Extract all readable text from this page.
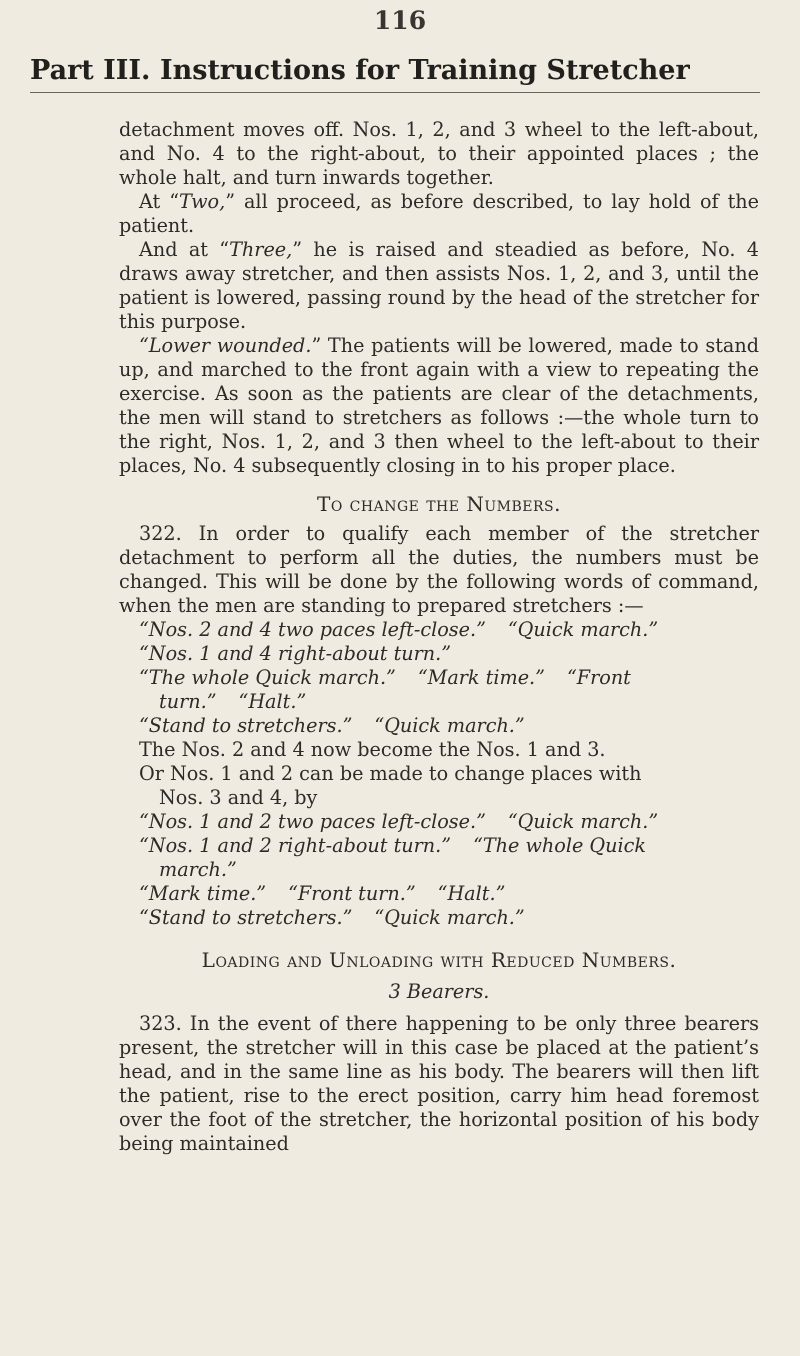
116
Part III. Instructions for Training Stretcher

detachment moves off. Nos. 1, 2, and 3 wheel to the left-about, and No. 4 to the right-about, to their appointed places ; the whole halt, and turn inwards together.

At “Two,” all proceed, as before described, to lay hold of the patient.

And at “Three,” he is raised and steadied as before, No. 4 draws away stretcher, and then assists Nos. 1, 2, and 3, until the patient is lowered, passing round by the head of the stretcher for this purpose.

“Lower wounded.” The patients will be lowered, made to stand up, and marched to the front again with a view to repeating the exercise. As soon as the patients are clear of the detachments, the men will stand to stretchers as follows :—the whole turn to the right, Nos. 1, 2, and 3 then wheel to the left-about to their places, No. 4 subsequently closing in to his proper place.

To change the Numbers.

322. In order to qualify each member of the stretcher detachment to perform all the duties, the numbers must be changed. This will be done by the following words of command, when the men are standing to prepared stretchers :—

“Nos. 2 and 4 two paces left-close.” “Quick march.”

“Nos. 1 and 4 right-about turn.”

“The whole Quick march.” “Mark time.” “Front

turn.” “Halt.”

“Stand to stretchers.” “Quick march.”

The Nos. 2 and 4 now become the Nos. 1 and 3.

Or Nos. 1 and 2 can be made to change places with

Nos. 3 and 4, by

“Nos. 1 and 2 two paces left-close.” “Quick march.”

“Nos. 1 and 2 right-about turn.” “The whole Quick

march.”

“Mark time.” “Front turn.” “Halt.”

“Stand to stretchers.” “Quick march.”

Loading and Unloading with Reduced Numbers.

3 Bearers.

323. In the event of there happening to be only three bearers present, the stretcher will in this case be placed at the patient’s head, and in the same line as his body. The bearers will then lift the patient, rise to the erect position, carry him head foremost over the foot of the stretcher, the horizontal position of his body being maintained
